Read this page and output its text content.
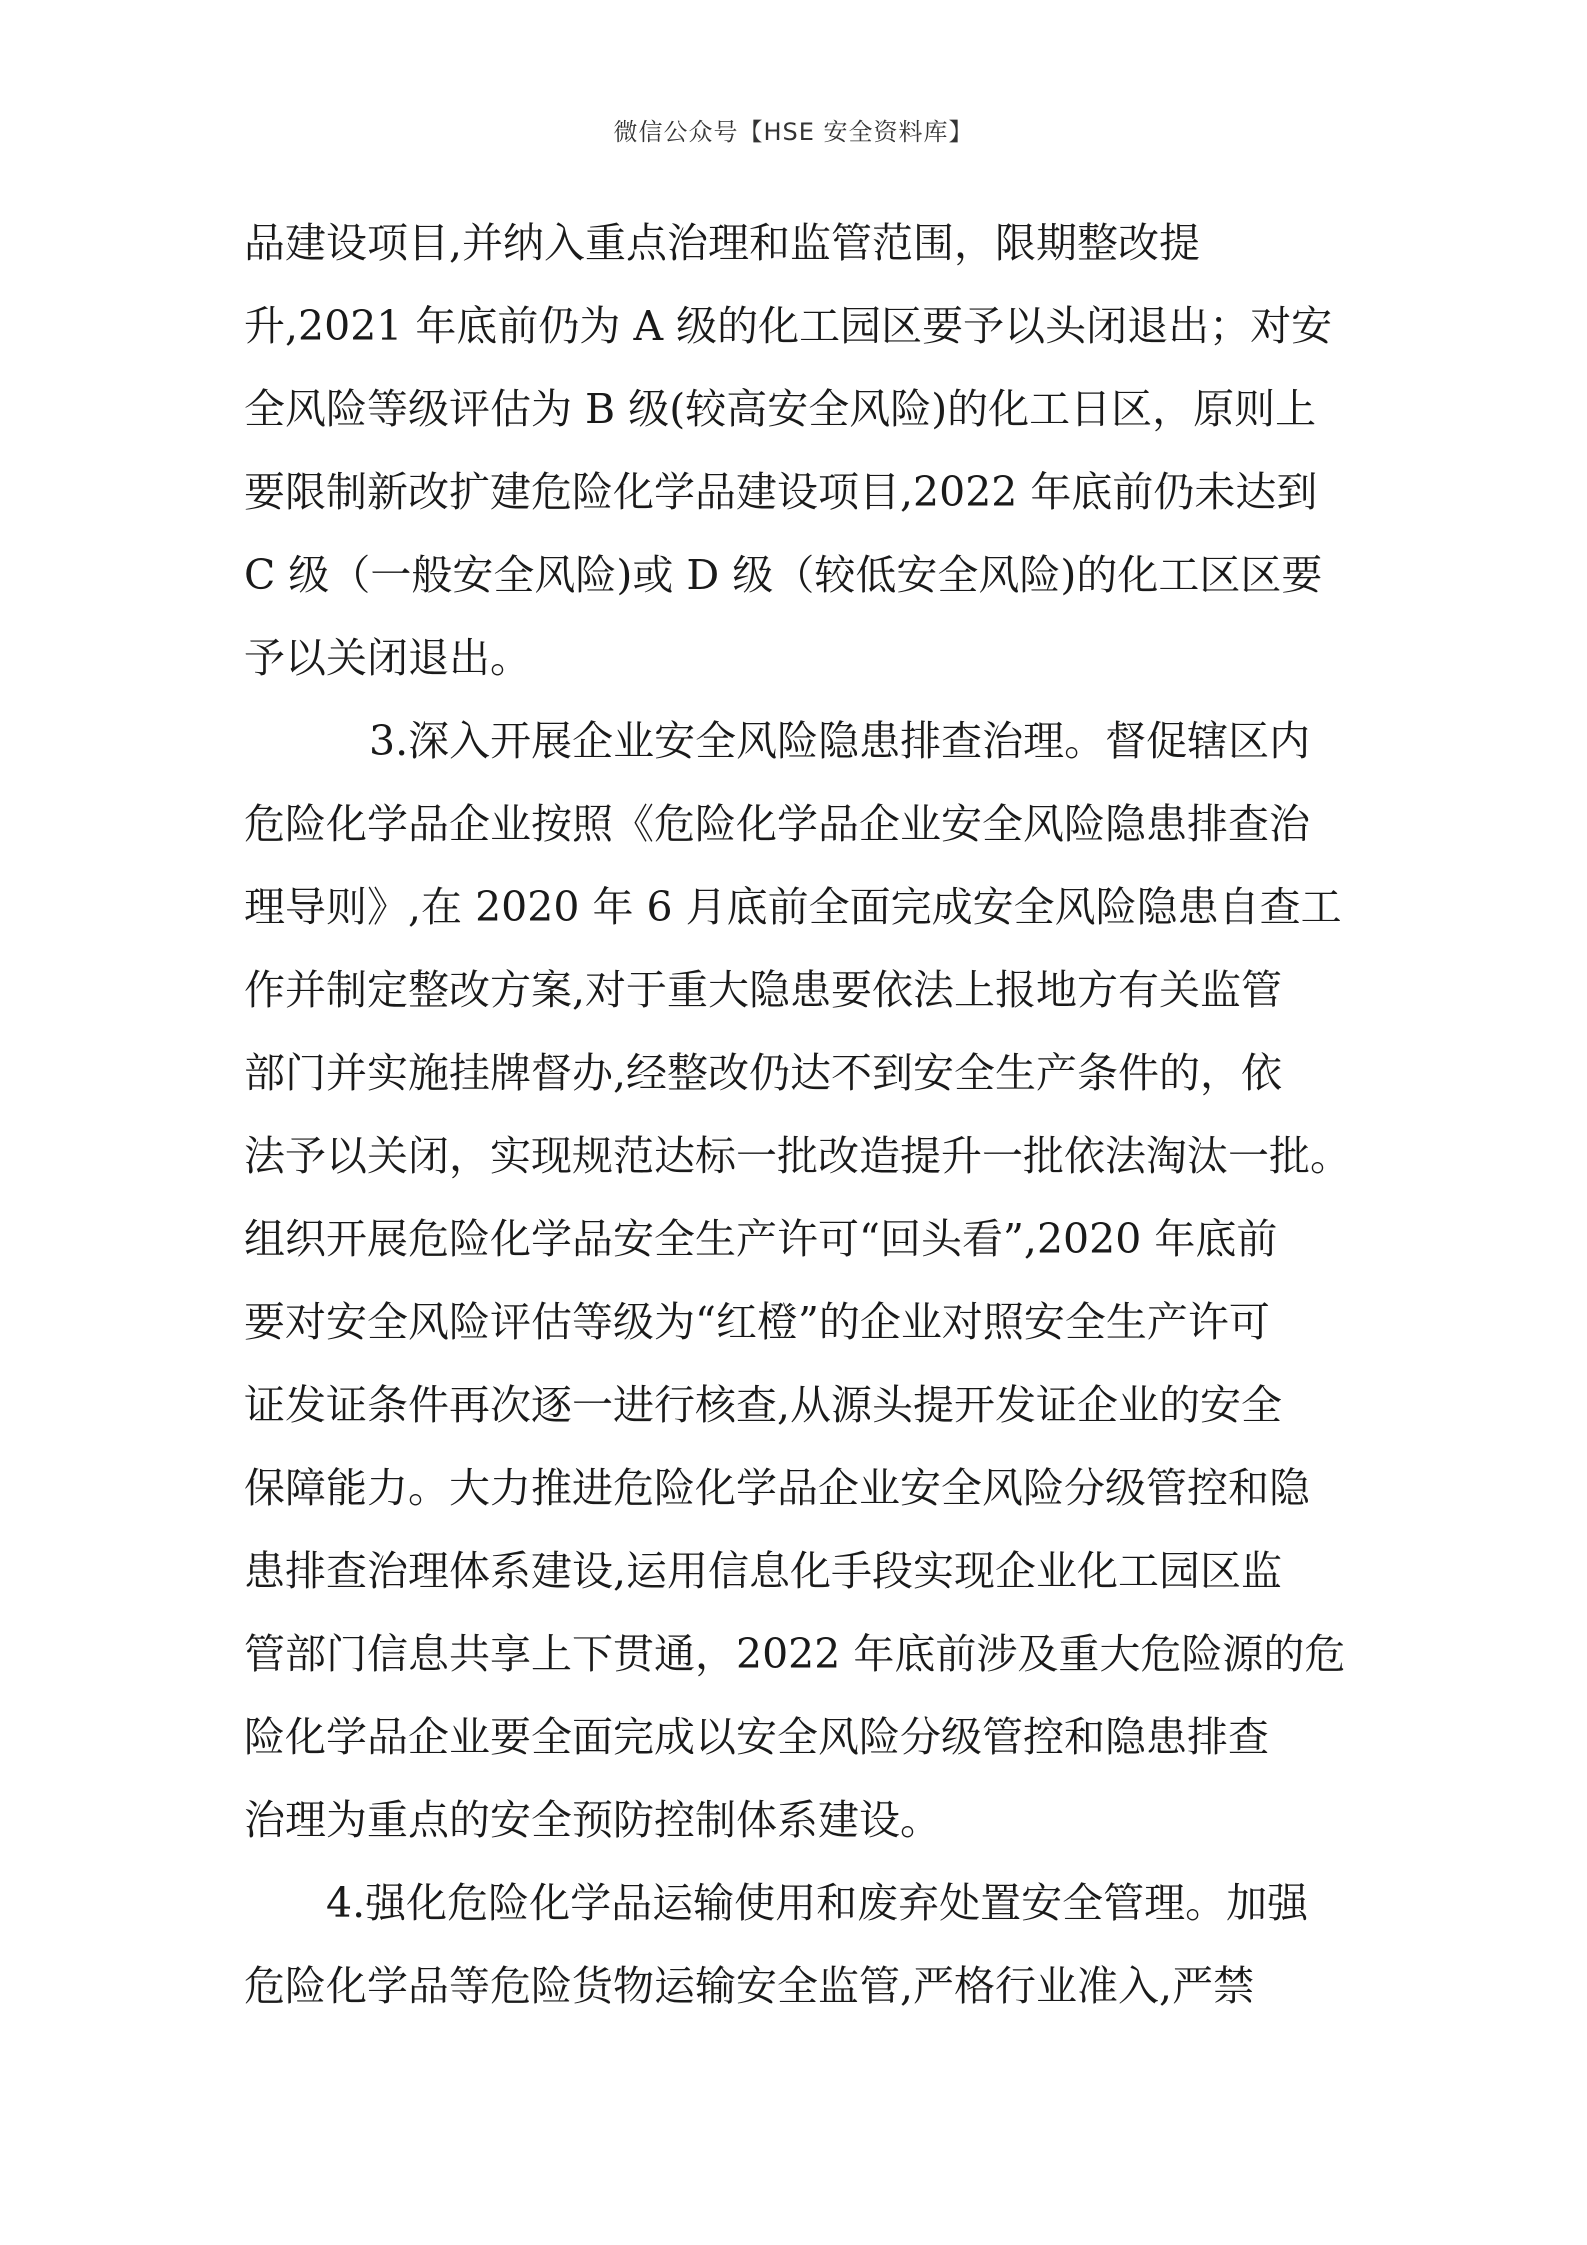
微信公众号【HSE 安全资料库】
品建设项目,并纳入重点治理和监管范围，限期整改提
升,2021 年底前仍为 A 级的化工园区要予以头闭退出；对安
全风险等级评估为 B 级(较高安全风险)的化工日区，原则上
要限制新改扩建危险化学品建设项目,2022 年底前仍未达到
C 级（一般安全风险)或 D 级（较低安全风险)的化工区区要
予以关闭退出。
3.深入开展企业安全风险隐患排查治理。督促辖区内
危险化学品企业按照《危险化学品企业安全风险隐患排查治
理导则》,在 2020 年 6 月底前全面完成安全风险隐患自查工
作并制定整改方案,对于重大隐患要依法上报地方有关监管
部门并实施挂牌督办,经整改仍达不到安全生产条件的，依
法予以关闭，实现规范达标一批改造提升一批依法淘汰一批。
组织开展危险化学品安全生产许可“回头看”,2020 年底前
要对安全风险评估等级为“红橙”的企业对照安全生产许可
证发证条件再次逐一进行核查,从源头提开发证企业的安全
保障能力。大力推进危险化学品企业安全风险分级管控和隐
患排查治理体系建设,运用信息化手段实现企业化工园区监
管部门信息共享上下贯通，2022 年底前涉及重大危险源的危
险化学品企业要全面完成以安全风险分级管控和隐患排查
治理为重点的安全预防控制体系建设。
4.强化危险化学品运输使用和废弃处置安全管理。加强
危险化学品等危险货物运输安全监管,严格行业准入,严禁
